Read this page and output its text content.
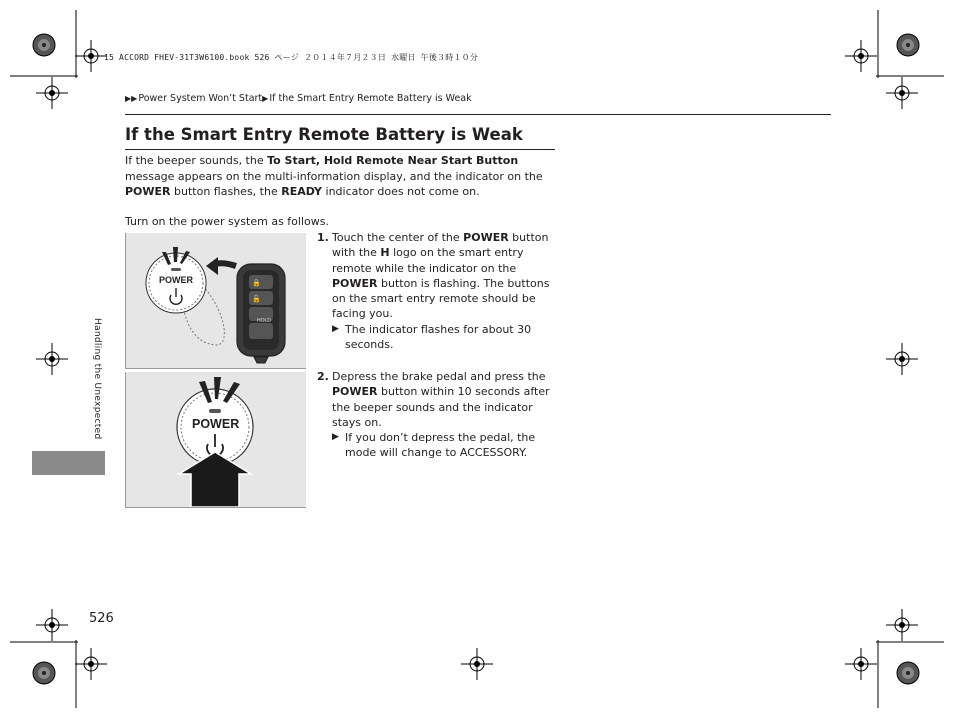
15 ACCORD FHEV-31T3W6100.book 526 ページ ２０１４年７月２３日 水曜日 午後３時１０分
▶▶ Power System Won’t Start ▶ If the Smart Entry Remote Battery is Weak
If the Smart Entry Remote Battery is Weak
If the beeper sounds, the To Start, Hold Remote Near Start Button message appears on the multi-information display, and the indicator on the POWER button flashes, the READY indicator does not come on.
Turn on the power system as follows.
🔒
🔓
POWER
HOLD
1. Touch the center of the POWER button with the H logo on the smart entry remote while the indicator on the POWER button is flashing. The buttons on the smart entry remote should be facing you.
▶ The indicator flashes for about 30 seconds.
POWER
2. Depress the brake pedal and press the POWER button within 10 seconds after the beeper sounds and the indicator stays on.
▶ If you don’t depress the pedal, the mode will change to ACCESSORY.
Handling the Unexpected
526
